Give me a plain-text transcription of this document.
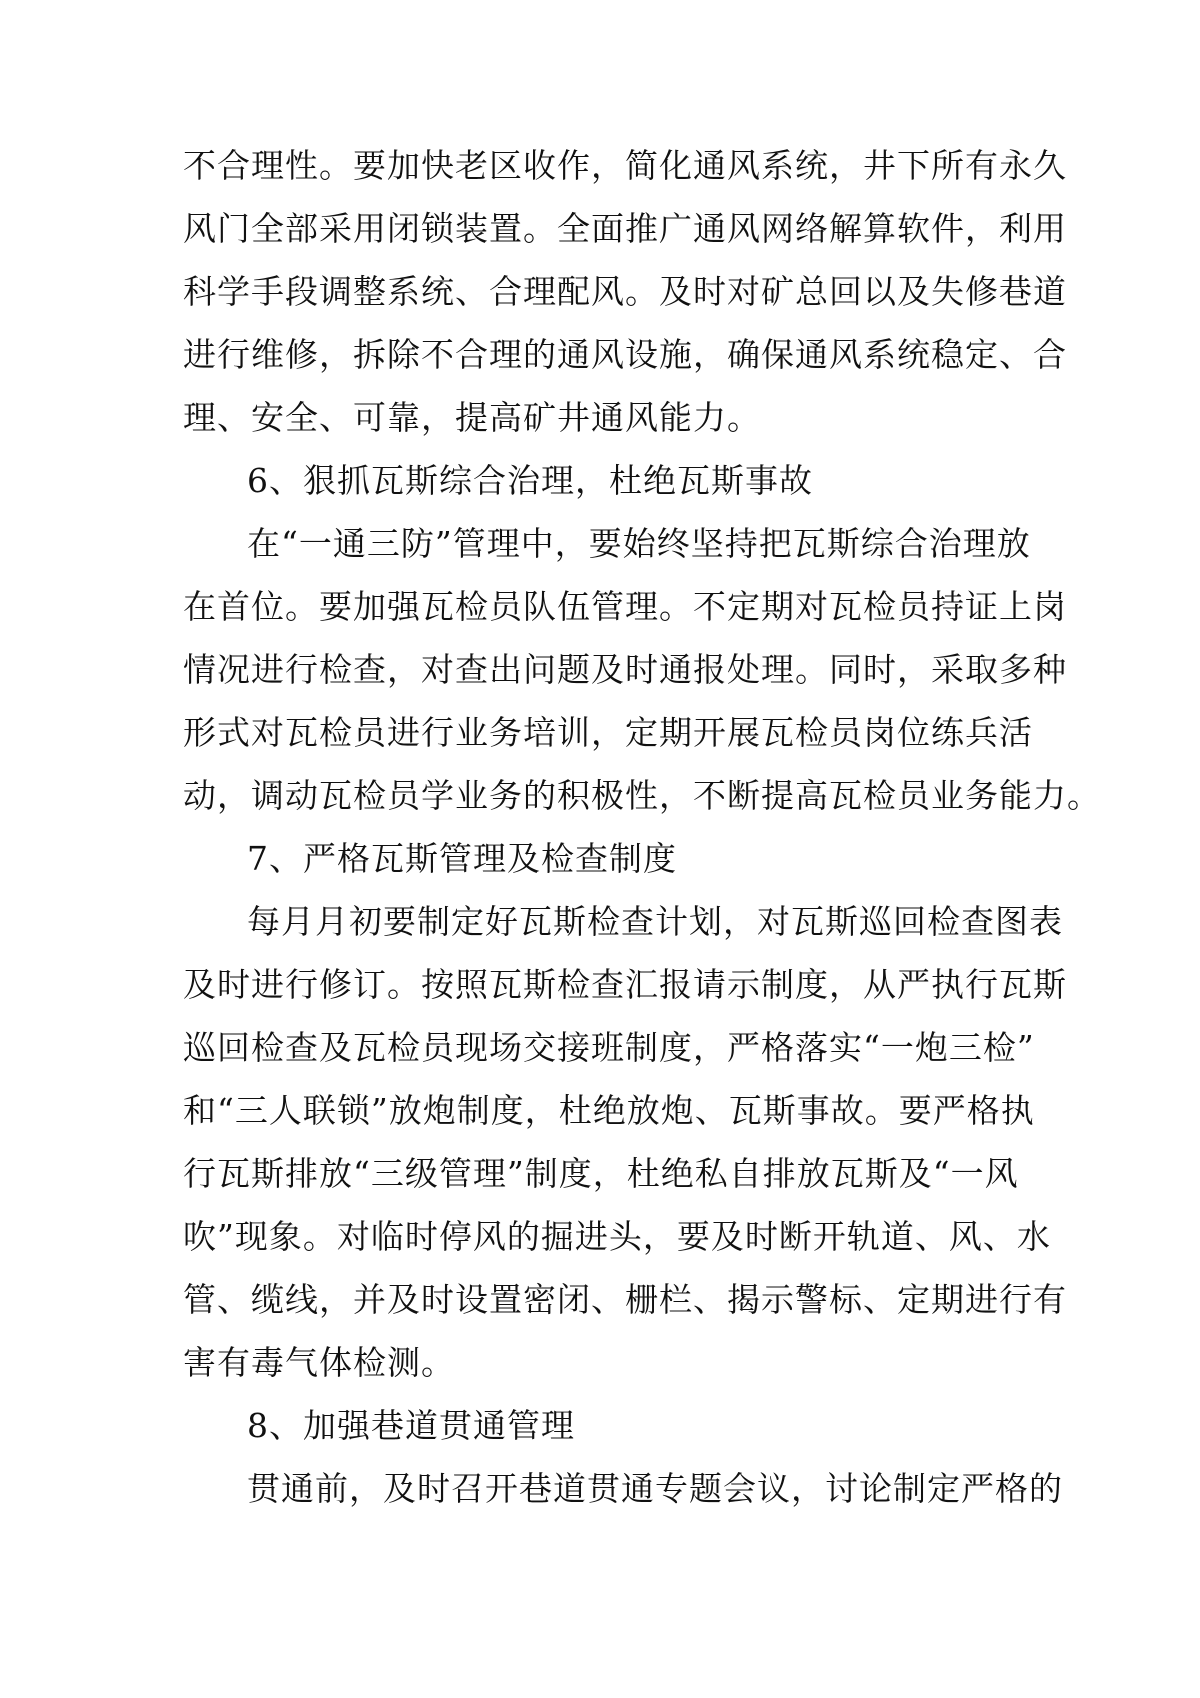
不合理性。要加快老区收作，简化通风系统，井下所有永久
风门全部采用闭锁装置。全面推广通风网络解算软件，利用
科学手段调整系统、合理配风。及时对矿总回以及失修巷道
进行维修，拆除不合理的通风设施，确保通风系统稳定、合
理、安全、可靠，提高矿井通风能力。
6、狠抓瓦斯综合治理，杜绝瓦斯事故
在“一通三防”管理中，要始终坚持把瓦斯综合治理放
在首位。要加强瓦检员队伍管理。不定期对瓦检员持证上岗
情况进行检查，对查出问题及时通报处理。同时，采取多种
形式对瓦检员进行业务培训，定期开展瓦检员岗位练兵活
动，调动瓦检员学业务的积极性，不断提高瓦检员业务能力。
7、严格瓦斯管理及检查制度
每月月初要制定好瓦斯检查计划，对瓦斯巡回检查图表
及时进行修订。按照瓦斯检查汇报请示制度，从严执行瓦斯
巡回检查及瓦检员现场交接班制度，严格落实“一炮三检”
和“三人联锁”放炮制度，杜绝放炮、瓦斯事故。要严格执
行瓦斯排放“三级管理”制度，杜绝私自排放瓦斯及“一风
吹”现象。对临时停风的掘进头，要及时断开轨道、风、水
管、缆线，并及时设置密闭、栅栏、揭示警标、定期进行有
害有毒气体检测。
8、加强巷道贯通管理
贯通前，及时召开巷道贯通专题会议，讨论制定严格的
